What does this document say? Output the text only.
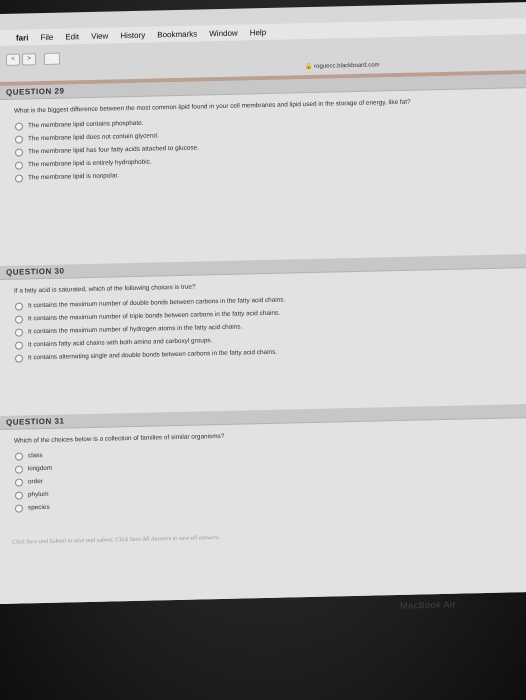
fari File Edit View History Bookmarks Window Help
<	>
🔒 roguecc.blackboard.com
QUESTION 29
What is the biggest difference between the most common lipid found in your cell membranes and lipid used in the storage of energy, like fat?
The membrane lipid contains phosphate.
The membrane lipid does not contain glycerol.
The membrane lipid has four fatty acids attached to glucose.
The membrane lipid is entirely hydrophobic.
The membrane lipid is nonpolar.
QUESTION 30
If a fatty acid is saturated, which of the following choices is true?
It contains the maximum number of double bonds between carbons in the fatty acid chains.
It contains the maximum number of triple bonds between carbons in the fatty acid chains.
It contains the maximum number of hydrogen atoms in the fatty acid chains.
It contains fatty acid chains with both amino and carboxyl groups.
It contains alternating single and double bonds between carbons in the fatty acid chains.
QUESTION 31
Which of the choices below is a collection of families of similar organisms?
class
kingdom
order
phylum
species
Click Save and Submit to save and submit. Click Save All Answers to save all answers.
MacBook Air
